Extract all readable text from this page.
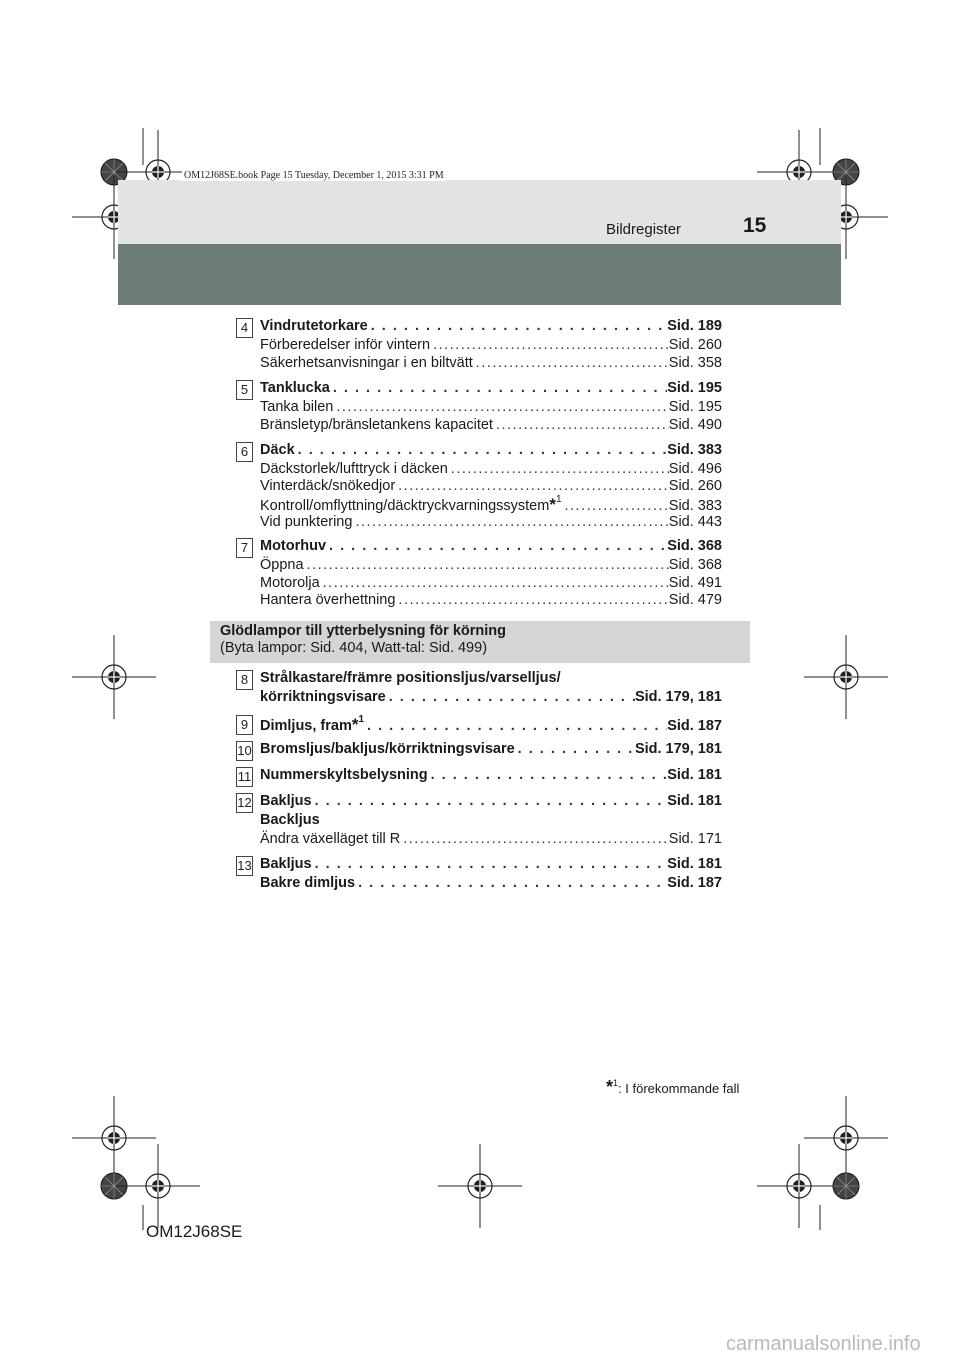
OM12J68SE.book Page 15 Tuesday, December 1, 2015 3:31 PM
Bildregister	15
4 Vindrutetorkare . . .	Sid. 189
Förberedelser inför vintern .....	Sid. 260
Säkerhetsanvisningar i en biltvätt .....	Sid. 358
5 Tanklucka . . .	Sid. 195
Tanka bilen .....	Sid. 195
Bränsletyp/bränsletankens kapacitet .....	Sid. 490
6 Däck . . .	Sid. 383
Däckstorlek/lufttryck i däcken .....	Sid. 496
Vinterdäck/snökedjor .....	Sid. 260
Kontroll/omflyttning/däcktryckvarningssystem *$^1$ .....	Sid. 383
Vid punktering .....	Sid. 443
7 Motorhuv . . .	Sid. 368
Öppna .....	Sid. 368
Motorolja .....	Sid. 491
Hantera överhettning .....	Sid. 479
Glödlampor till ytterbelysning för körning
(Byta lampor: Sid. 404, Watt-tal: Sid. 499)
8 Strålkastare/främre positionsljus/varselljus/
körriktningsvisare . . .	Sid. 179, 181
9 Dimljus, fram *$^1$ . . .	Sid. 187
10 Bromsljus/bakljus/körriktningsvisare . . .	Sid. 179, 181
11 Nummerskyltsbelysning . . .	Sid. 181
12 Bakljus . . .	Sid. 181
Backljus
Ändra växelläget till R .....	Sid. 171
13 Bakljus . . .	Sid. 181
Bakre dimljus . . .	Sid. 187
*$^1$: I förekommande fall
OM12J68SE
carmanualsonline.info
